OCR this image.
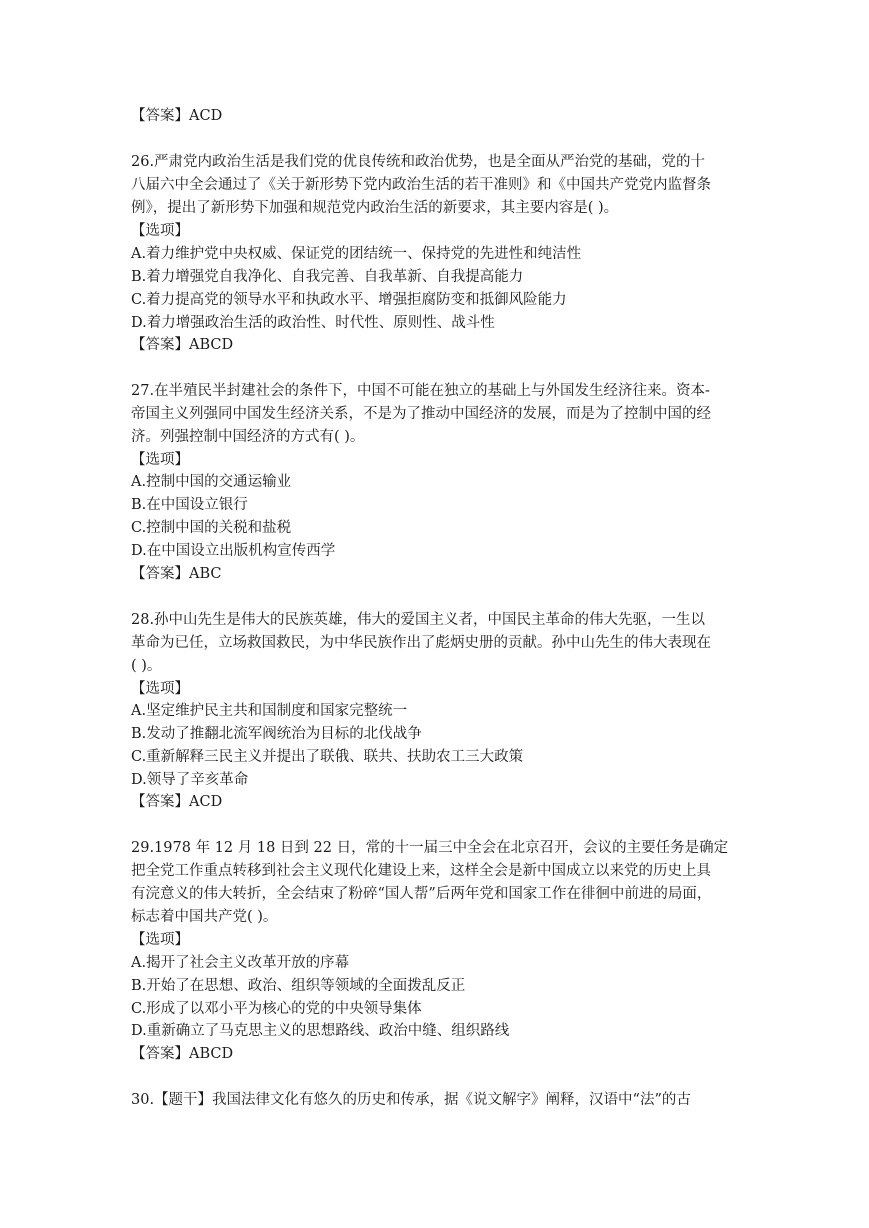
【答案】ACD
26.严肃党内政治生活是我们党的优良传统和政治优势，也是全面从严治党的基础，党的十
八届六中全会通过了《关于新形势下党内政治生活的若干准则》和《中国共产党党内监督条
例》，提出了新形势下加强和规范党内政治生活的新要求，其主要内容是( )。
【选项】
A.着力维护党中央权威、保证党的团结统一、保持党的先进性和纯洁性
B.着力增强党自我净化、自我完善、自我革新、自我提高能力
C.着力提高党的领导水平和执政水平、增强拒腐防变和抵御风险能力
D.着力增强政治生活的政治性、时代性、原则性、战斗性
【答案】ABCD
27.在半殖民半封建社会的条件下，中国不可能在独立的基础上与外国发生经济往来。资本-
帝国主义列强同中国发生经济关系，不是为了推动中国经济的发展，而是为了控制中国的经
济。列强控制中国经济的方式有( )。
【选项】
A.控制中国的交通运输业
B.在中国设立银行
C.控制中国的关税和盐税
D.在中国设立出版机构宣传西学
【答案】ABC
28.孙中山先生是伟大的民族英雄，伟大的爱国主义者，中国民主革命的伟大先驱，一生以
革命为已任，立场救国救民，为中华民族作出了彪炳史册的贡献。孙中山先生的伟大表现在
( )。
【选项】
A.坚定维护民主共和国制度和国家完整统一
B.发动了推翻北流军阀统治为目标的北伐战争
C.重新解释三民主义并提出了联俄、联共、扶助农工三大政策
D.领导了辛亥革命
【答案】ACD
29.1978 年 12 月 18 日到 22 日，常的十一届三中全会在北京召开，会议的主要任务是确定
把全党工作重点转移到社会主义现代化建设上来，这样全会是新中国成立以来党的历史上具
有浣意义的伟大转折，全会结束了粉碎“国人帮”后两年党和国家工作在徘徊中前进的局面，
标志着中国共产党( )。
【选项】
A.揭开了社会主义改革开放的序幕
B.开始了在思想、政治、组织等领域的全面拨乱反正
C.形成了以邓小平为核心的党的中央领导集体
D.重新确立了马克思主义的思想路线、政治中缝、组织路线
【答案】ABCD
30.【题干】我国法律文化有悠久的历史和传承，据《说文解字》阐释，汉语中“法”的古
